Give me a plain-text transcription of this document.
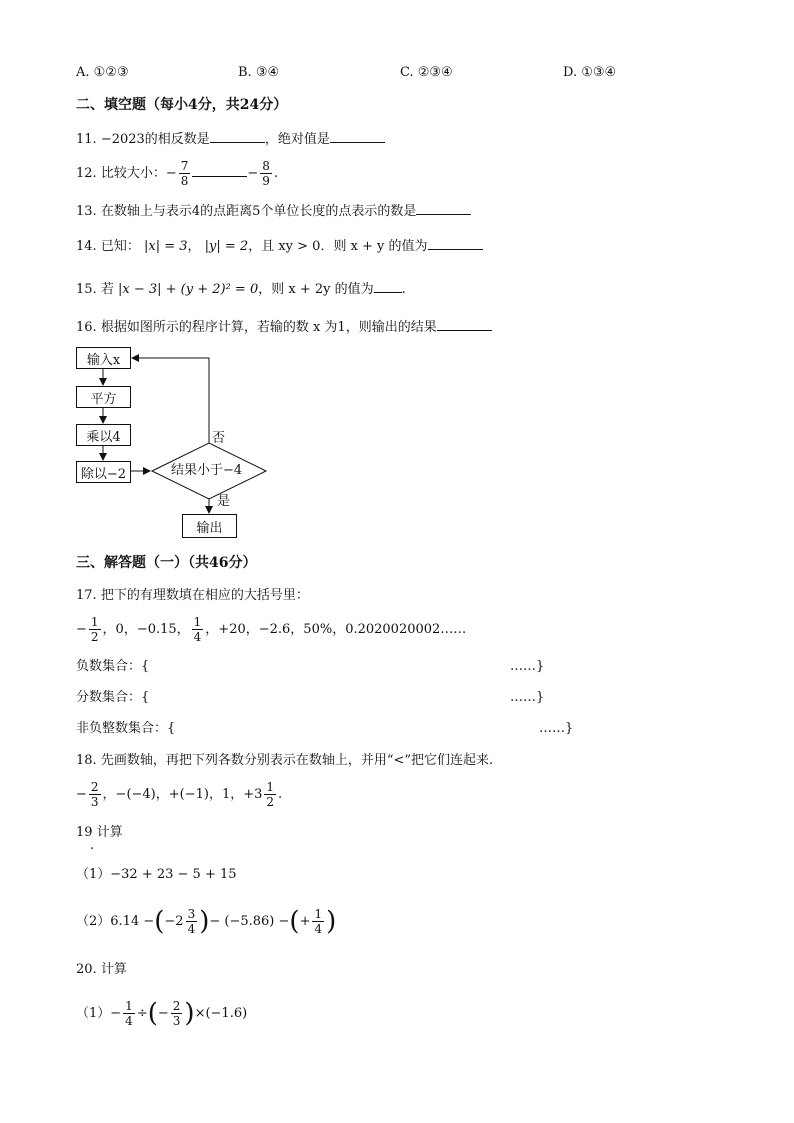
A. ①②③	B. ③④	C. ②③④	D. ①③④
二、填空题（每小4分，共24分）
11. −2023的相反数是	，绝对值是
12. 比较大小：− $\frac{7}{8}$	− $\frac{8}{9}$ .
13. 在数轴上与表示4的点距离5个单位长度的点表示的数是
14. 已知： |x| = 3， |y| = 2，且 xy > 0．则 x + y 的值为
15. 若 |x − 3| + (y + 2)² = 0，则 x + 2y 的值为 .
16. 根据如图所示的程序计算，若输的数 x 为1，则输出的结果
输入x
平方
乘以4
除以−2	结果小于−4
否
是
输出
三、解答题（一）（共46分）
17. 把下的有理数填在相应的大括号里：
− $\frac{1}{2}$ ，0，−0.15， $\frac{1}{4}$ ，+20，−2.6，50%，0.2020020002……
负数集合：{	……}
分数集合：{	……}
非负整数集合：{	……}
18. 先画数轴，再把下列各数分别表示在数轴上，并用“<”把它们连起来.
− $\frac{2}{3}$ ，−(−4)，+(−1)，1，$+3 \frac{1}{2}$ .
19 计算
.
（1）−32 + 23 − 5 + 15
$(2)6.14 -(-2 \frac{3}{4}$ )− (−5.86) −(+ $\frac{1}{4}$ )
20. 计算
$(1)- \frac{1}{4}$ ÷(− $\frac{2}{3} )\times(-1.6)$
